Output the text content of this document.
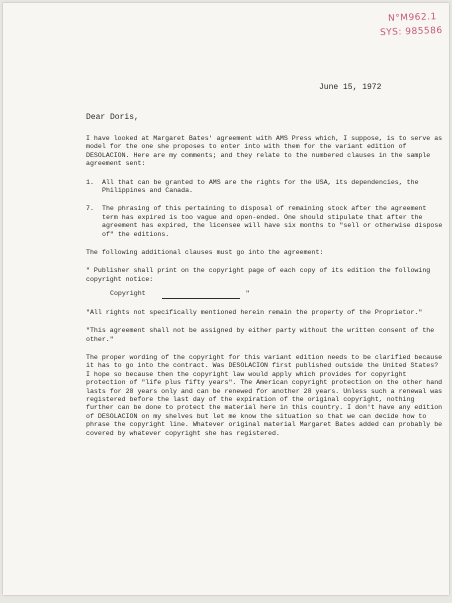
N°M962.1
SYS: 985586
June 15, 1972
Dear Doris,

I have looked at Margaret Bates' agreement with AMS Press which, I suppose, is to serve as model for the one she proposes to enter into with them for the variant edition of DESOLACION. Here are my comments; and they relate to the numbered clauses in the sample agreement sent:

1.	All that can be granted to AMS are the rights for the USA, its dependencies, the Philippines and Canada.
7.	The phrasing of this pertaining to disposal of remaining stock after the agreement term has expired is too vague and open-ended. One should stipulate that after the agreement has expired, the licensee will have six months to "sell or otherwise dispose of" the editions.

The following additional clauses must go into the agreement:

" Publisher shall print on the copyright page of each copy of its edition the following copyright notice:

Copyright	"

"All rights not specifically mentioned herein remain the property of the Proprietor."

"This agreement shall not be assigned by either party without the written consent of the other."

The proper wording of the copyright for this variant edition needs to be clarified because it has to go into the contract. Was DESOLACION first published outside the United States? I hope so because then the copyright law would apply which provides for copyright protection of "life plus fifty years". The American copyright protection on the other hand lasts for 28 years only and can be renewed for another 28 years. Unless such a renewal was registered before the last day of the expiration of the original copyright, nothing further can be done to protect the material here in this country. I don't have any edition of DESOLACION on my shelves but let me know the situation so that we can decide how to phrase the copyright line. Whatever original material Margaret Bates added can probably be covered by whatever copyright she has registered.
